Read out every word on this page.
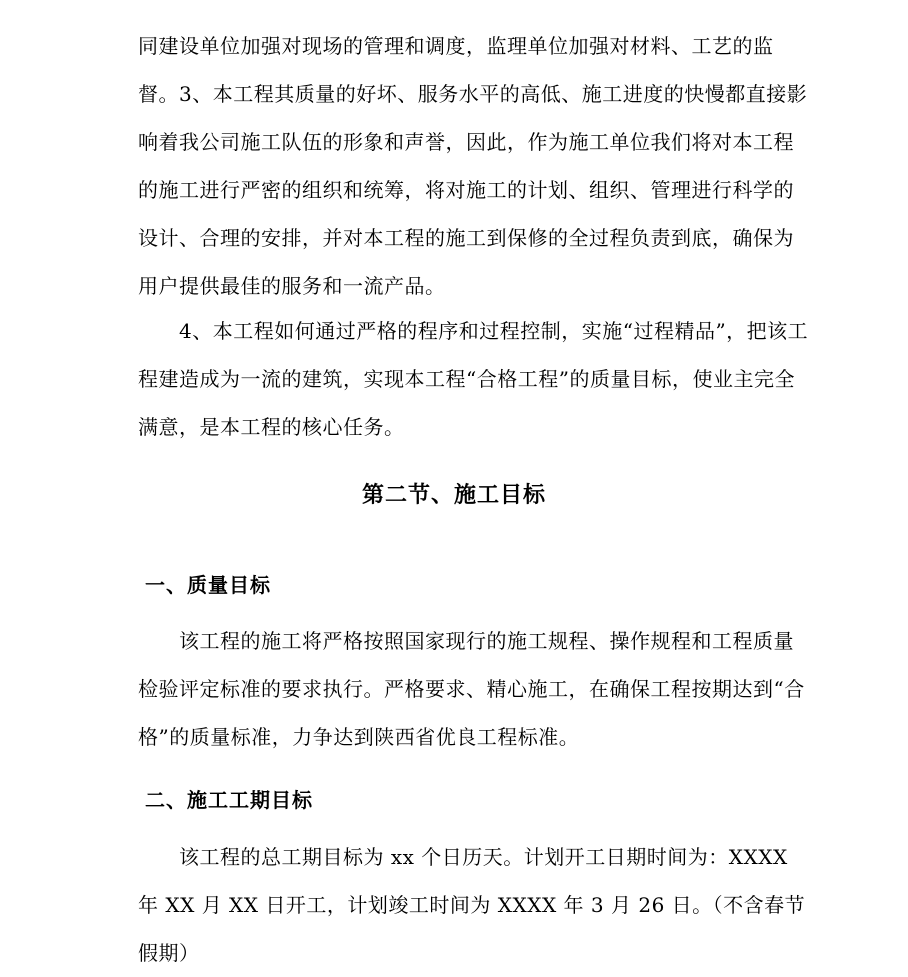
同建设单位加强对现场的管理和调度，监理单位加强对材料、工艺的监督。 3、本工程其质量的好坏、服务水平的高低、施工进度的快慢都直接影响着我公司施工队伍的形象和声誉，因此，作为施工单位我们将对本工程的施工进行严密的组织和统筹，将对施工的计划、组织、管理进行科学的设计、合理的安排，并对本工程的施工到保修的全过程负责到底，确保为用户提供最佳的服务和一流产品。

4、本工程如何通过严格的程序和过程控制，实施“过程精品”，把该工程建造成为一流的建筑，实现本工程“合格工程”的质量目标，使业主完全满意，是本工程的核心任务。

第二节、施工目标
一、质量目标

该工程的施工将严格按照国家现行的施工规程、操作规程和工程质量检验评定标准的要求执行。严格要求、精心施工，在确保工程按期达到“合格”的质量标准，力争达到陕西省优良工程标准。

二、施工工期目标

该工程的总工期目标为 xx 个日历天。计划开工日期时间为：XXXX 年 XX 月 XX 日开工，计划竣工时间为 XXXX 年 3 月 26 日。（不含春节假期）
